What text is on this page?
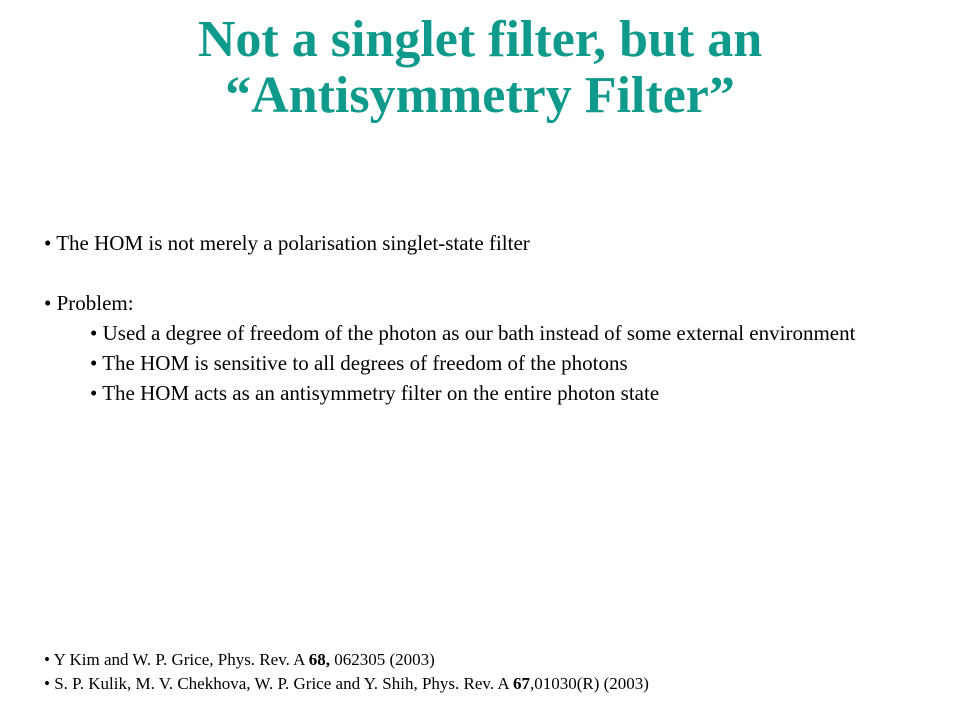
Not a singlet filter, but an
“Antisymmetry Filter”
• The HOM is not merely a polarisation singlet-state filter
• Problem:
• Used a degree of freedom of the photon as our bath instead of some external environment
• The HOM is sensitive to all degrees of freedom of the photons
• The HOM acts as an antisymmetry filter on the entire photon state
• Y Kim and W. P. Grice, Phys. Rev. A 68, 062305 (2003)
• S. P. Kulik, M. V. Chekhova, W. P. Grice and Y. Shih, Phys. Rev. A 67,01030(R) (2003)
